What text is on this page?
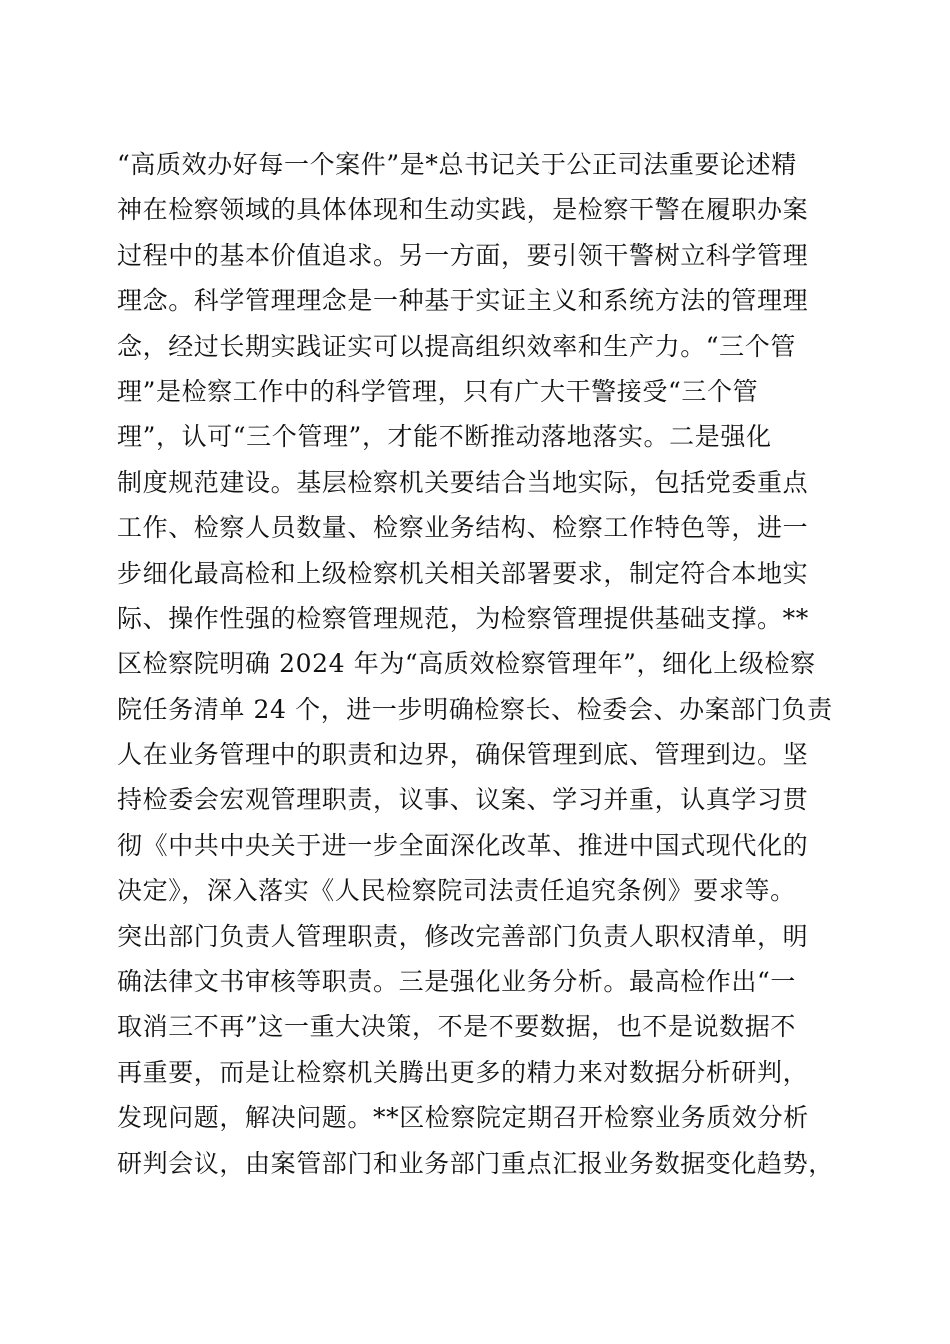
“高质效办好每一个案件”是*总书记关于公正司法重要论述精
神在检察领域的具体体现和生动实践，是检察干警在履职办案
过程中的基本价值追求。另一方面，要引领干警树立科学管理
理念。科学管理理念是一种基于实证主义和系统方法的管理理
念，经过长期实践证实可以提高组织效率和生产力。“三个管
理”是检察工作中的科学管理，只有广大干警接受“三个管
理”，认可“三个管理”，才能不断推动落地落实。二是强化
制度规范建设。基层检察机关要结合当地实际，包括党委重点
工作、检察人员数量、检察业务结构、检察工作特色等，进一
步细化最高检和上级检察机关相关部署要求，制定符合本地实
际、操作性强的检察管理规范，为检察管理提供基础支撑。**
区检察院明确 2024 年为“高质效检察管理年”，细化上级检察
院任务清单 24 个，进一步明确检察长、检委会、办案部门负责
人在业务管理中的职责和边界，确保管理到底、管理到边。坚
持检委会宏观管理职责，议事、议案、学习并重，认真学习贯
彻《中共中央关于进一步全面深化改革、推进中国式现代化的
决定》，深入落实《人民检察院司法责任追究条例》要求等。
突出部门负责人管理职责，修改完善部门负责人职权清单，明
确法律文书审核等职责。三是强化业务分析。最高检作出“一
取消三不再”这一重大决策，不是不要数据，也不是说数据不
再重要，而是让检察机关腾出更多的精力来对数据分析研判，
发现问题，解决问题。**区检察院定期召开检察业务质效分析
研判会议，由案管部门和业务部门重点汇报业务数据变化趋势，
